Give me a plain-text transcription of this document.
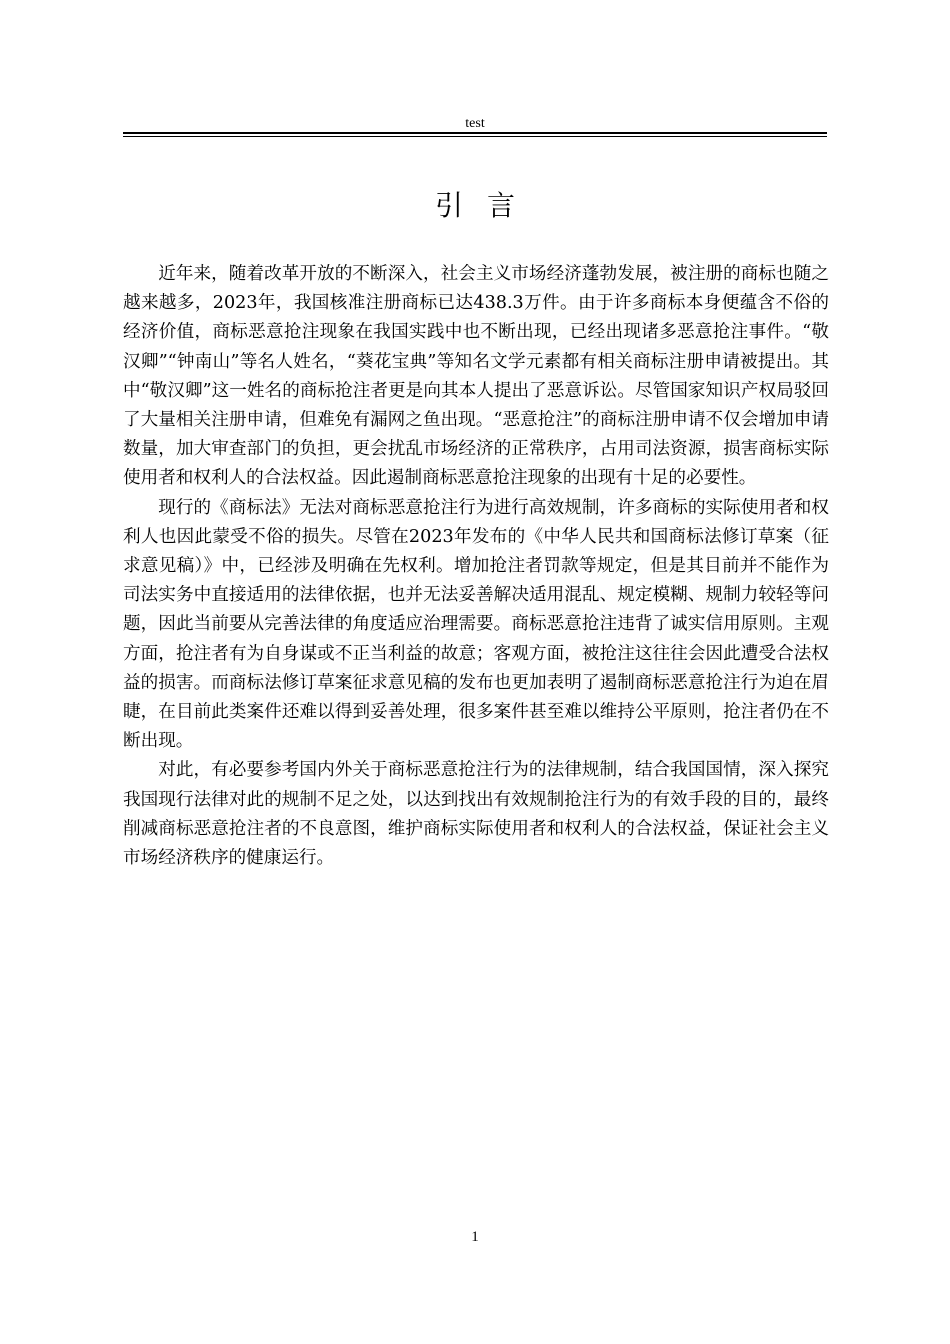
test
引言

近年来，随着改革开放的不断深入，社会主义市场经济蓬勃发展，被注册的商标也随之越来越多，2023年，我国核准注册商标已达438.3万件。由于许多商标本身便蕴含不俗的经济价值，商标恶意抢注现象在我国实践中也不断出现，已经出现诸多恶意抢注事件。“敬汉卿”“钟南山”等名人姓名，“葵花宝典”等知名文学元素都有相关商标注册申请被提出。其中“敬汉卿”这一姓名的商标抢注者更是向其本人提出了恶意诉讼。尽管国家知识产权局驳回了大量相关注册申请，但难免有漏网之鱼出现。“恶意抢注”的商标注册申请不仅会增加申请数量，加大审查部门的负担，更会扰乱市场经济的正常秩序，占用司法资源，损害商标实际使用者和权利人的合法权益。因此遏制商标恶意抢注现象的出现有十足的必要性。

现行的《商标法》无法对商标恶意抢注行为进行高效规制，许多商标的实际使用者和权利人也因此蒙受不俗的损失。尽管在2023年发布的《中华人民共和国商标法修订草案（征求意见稿）》中，已经涉及明确在先权利。增加抢注者罚款等规定，但是其目前并不能作为司法实务中直接适用的法律依据，也并无法妥善解决适用混乱、规定模糊、规制力较轻等问题，因此当前要从完善法律的角度适应治理需要。商标恶意抢注违背了诚实信用原则。主观方面，抢注者有为自身谋或不正当利益的故意；客观方面，被抢注这往往会因此遭受合法权益的损害。而商标法修订草案征求意见稿的发布也更加表明了遏制商标恶意抢注行为迫在眉睫，在目前此类案件还难以得到妥善处理，很多案件甚至难以维持公平原则，抢注者仍在不断出现。

对此，有必要参考国内外关于商标恶意抢注行为的法律规制，结合我国国情，深入探究我国现行法律对此的规制不足之处，以达到找出有效规制抢注行为的有效手段的目的，最终削减商标恶意抢注者的不良意图，维护商标实际使用者和权利人的合法权益，保证社会主义市场经济秩序的健康运行。

1
